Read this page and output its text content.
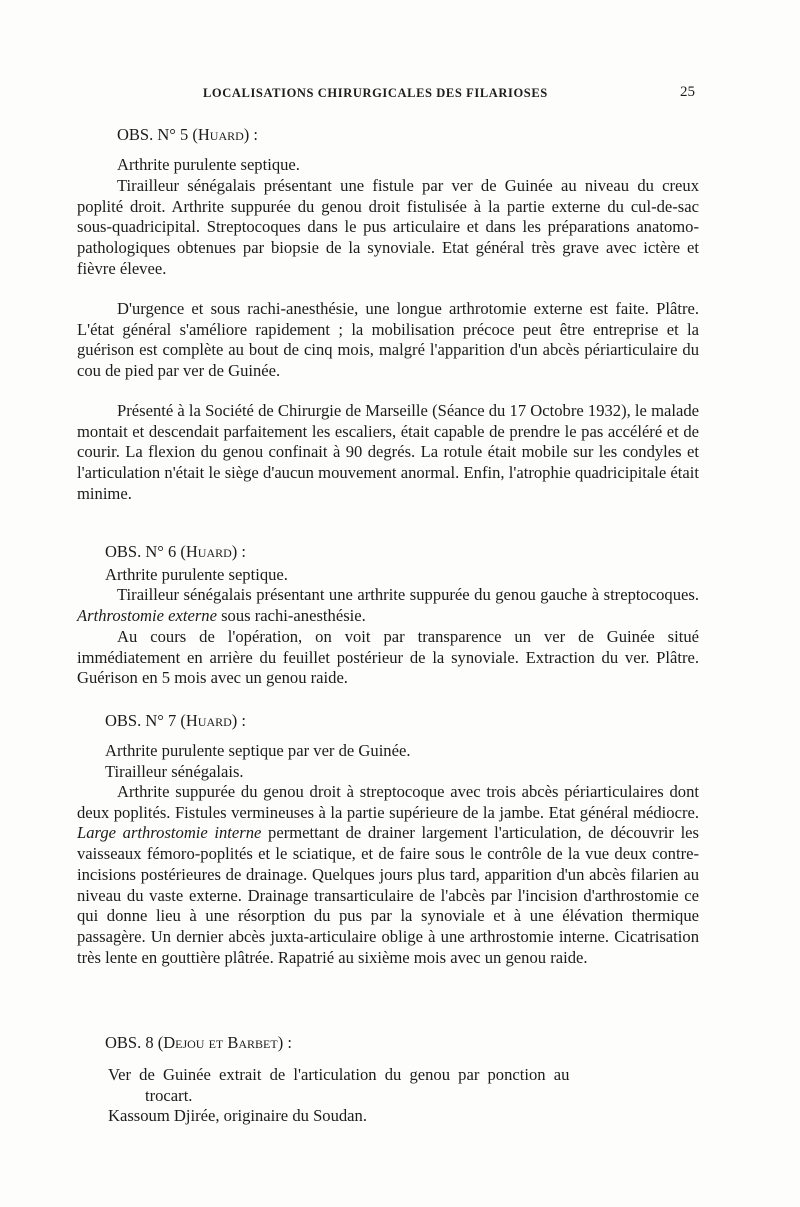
LOCALISATIONS CHIRURGICALES DES FILARIOSES	25
OBS. N° 5 (Huard) :
Arthrite purulente septique.
Tirailleur sénégalais présentant une fistule par ver de Guinée au niveau du creux poplité droit. Arthrite suppurée du genou droit fistulisée à la partie externe du cul-de-sac sous-quadricipital. Streptocoques dans le pus articulaire et dans les préparations anatomo-pathologiques obtenues par biopsie de la synoviale. Etat général très grave avec ictère et fièvre élevee.
D'urgence et sous rachi-anesthésie, une longue arthrotomie externe est faite. Plâtre. L'état général s'améliore rapidement ; la mobilisation précoce peut être entreprise et la guérison est complète au bout de cinq mois, malgré l'apparition d'un abcès périarticulaire du cou de pied par ver de Guinée.
Présenté à la Société de Chirurgie de Marseille (Séance du 17 Octobre 1932), le malade montait et descendait parfaitement les escaliers, était capable de prendre le pas accéléré et de courir. La flexion du genou confinait à 90 degrés. La rotule était mobile sur les condyles et l'articulation n'était le siège d'aucun mouvement anormal. Enfin, l'atrophie quadricipitale était minime.
OBS. N° 6 (Huard) :
Arthrite purulente septique.
Tirailleur sénégalais présentant une arthrite suppurée du genou gauche à streptocoques. Arthrostomie externe sous rachi-anesthésie.
Au cours de l'opération, on voit par transparence un ver de Guinée situé immédiatement en arrière du feuillet postérieur de la synoviale. Extraction du ver. Plâtre. Guérison en 5 mois avec un genou raide.
OBS. N° 7 (Huard) :
Arthrite purulente septique par ver de Guinée.
Tirailleur sénégalais.
Arthrite suppurée du genou droit à streptocoque avec trois abcès périarticulaires dont deux poplités. Fistules vermineuses à la partie supérieure de la jambe. Etat général médiocre. Large arthrostomie interne permettant de drainer largement l'articulation, de découvrir les vaisseaux fémoro-poplités et le sciatique, et de faire sous le contrôle de la vue deux contre-incisions postérieures de drainage. Quelques jours plus tard, apparition d'un abcès filarien au niveau du vaste externe. Drainage transarticulaire de l'abcès par l'incision d'arthrostomie ce qui donne lieu à une résorption du pus par la synoviale et à une élévation thermique passagère. Un dernier abcès juxta-articulaire oblige à une arthrostomie interne. Cicatrisation très lente en gouttière plâtrée. Rapatrié au sixième mois avec un genou raide.
OBS. 8 (Dejou et Barbet) :
Ver de Guinée extrait de l'articulation du genou par ponction au
trocart.
Kassoum Djirée, originaire du Soudan.
